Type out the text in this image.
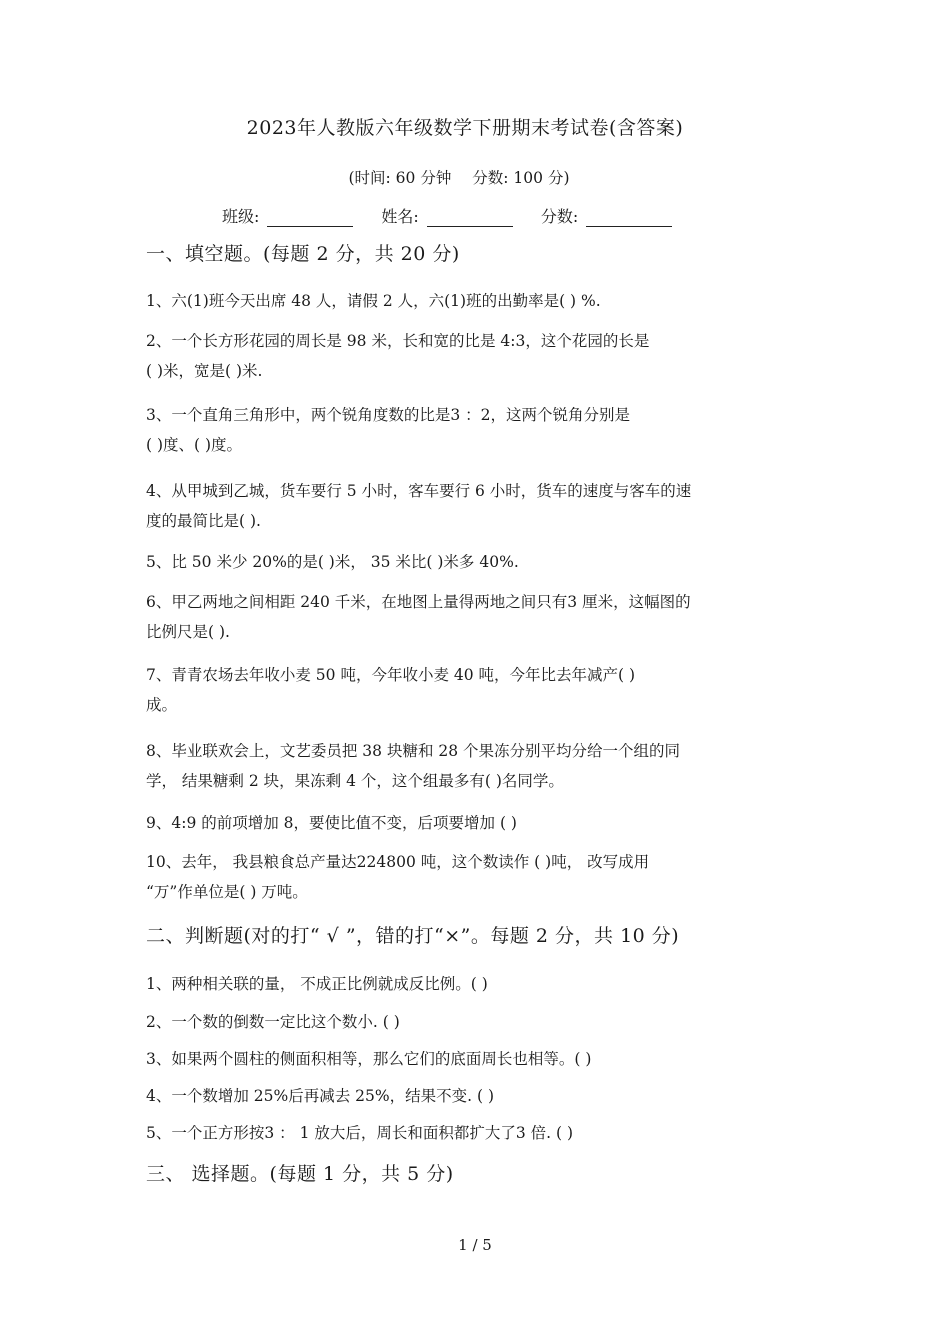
2023年人教版六年级数学下册期末考试卷(含答案)
(时间: 60 分钟 分数: 100 分)
班级:	姓名:	分数:
一、填空题。(每题 2 分，共 20 分)
1、六(1)班今天出席 48 人，请假 2 人，六(1)班的出勤率是( ) %.
2、一个长方形花园的周长是 98 米，长和宽的比是 4:3，这个花园的长是
( )米，宽是( )米.
3、一个直角三角形中，两个锐角度数的比是3 ：2，这两个锐角分别是
( )度、( )度。
4、从甲城到乙城，货车要行 5 小时，客车要行 6 小时，货车的速度与客车的速
度的最简比是( ).
5、比 50 米少 20%的是( )米， 35 米比( )米多 40%.
6、甲乙两地之间相距 240 千米，在地图上量得两地之间只有3 厘米，这幅图的
比例尺是( ).
7、青青农场去年收小麦 50 吨，今年收小麦 40 吨，今年比去年减产( )
成。
8、毕业联欢会上，文艺委员把 38 块糖和 28 个果冻分别平均分给一个组的同
学， 结果糖剩 2 块，果冻剩 4 个，这个组最多有( )名同学。
9、4:9 的前项增加 8，要使比值不变，后项要增加 ( )
10、去年， 我县粮食总产量达224800 吨，这个数读作 ( )吨， 改写成用
“万”作单位是( ) 万吨。
二、判断题(对的打“ √ ”，错的打“×”。每题 2 分，共 10 分)
1、两种相关联的量， 不成正比例就成反比例。( )
2、一个数的倒数一定比这个数小. ( )
3、如果两个圆柱的侧面积相等，那么它们的底面周长也相等。( )
4、一个数增加 25%后再减去 25%，结果不变. ( )
5、一个正方形按3 ： 1 放大后，周长和面积都扩大了3 倍. ( )
三、 选择题。(每题 1 分，共 5 分)
1 / 5
